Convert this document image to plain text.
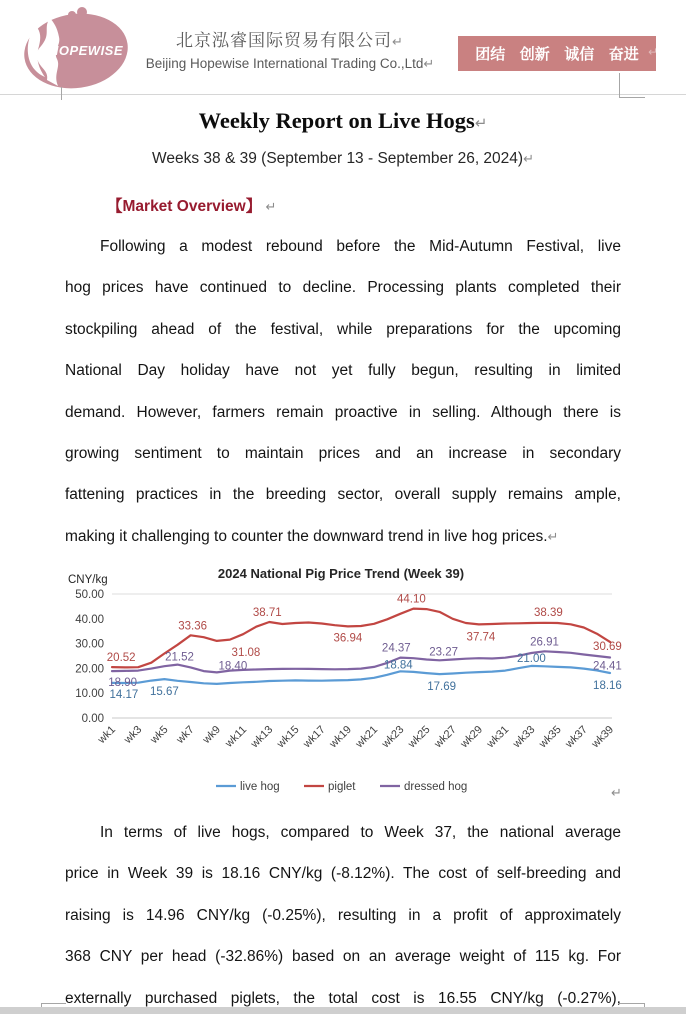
HOPEWISE
北京泓睿国际贸易有限公司↵
Beijing Hopewise International Trading Co.,Ltd↵
团结 创新 诚信 奋进 ↵
Weekly Report on Live Hogs↵
Weeks 38 & 39 (September 13 - September 26, 2024)↵
【Market Overview】 ↵
Following a modest rebound before the Mid-Autumn Festival, live
hog prices have continued to decline. Processing plants completed their
stockpiling ahead of the festival, while preparations for the upcoming
National Day holiday have not yet fully begun, resulting in limited
demand. However, farmers remain proactive in selling. Although there is
growing sentiment to maintain prices and an increase in secondary
fattening practices in the breeding sector, overall supply remains ample,
making it challenging to counter the downward trend in live hog prices.↵
0.00
10.00
20.00
30.00
40.00
50.00
wk1 wk3 wk5 wk7 wk9 wk11 wk13 wk15 wk17 wk19 wk21 wk23 wk25 wk27 wk29 wk31 wk33 wk35 wk37 wk39
20.52
18.90
14.17 15.67
21.52
33.36
18.40
31.08
38.71
36.94
44.10
24.37
18.84
23.27
17.69
37.74
21.00
26.91
38.39
30.69
24.41
18.16
2024 National Pig Price Trend (Week 39)
CNY/kg
live hog	piglet	dressed hog	↵
In terms of live hogs, compared to Week 37, the national average
price in Week 39 is 18.16 CNY/kg (-8.12%). The cost of self-breeding and
raising is 14.96 CNY/kg (-0.25%), resulting in a profit of approximately
368 CNY per head (-32.86%) based on an average weight of 115 kg. For
externally purchased piglets, the total cost is 16.55 CNY/kg (-0.27%),
